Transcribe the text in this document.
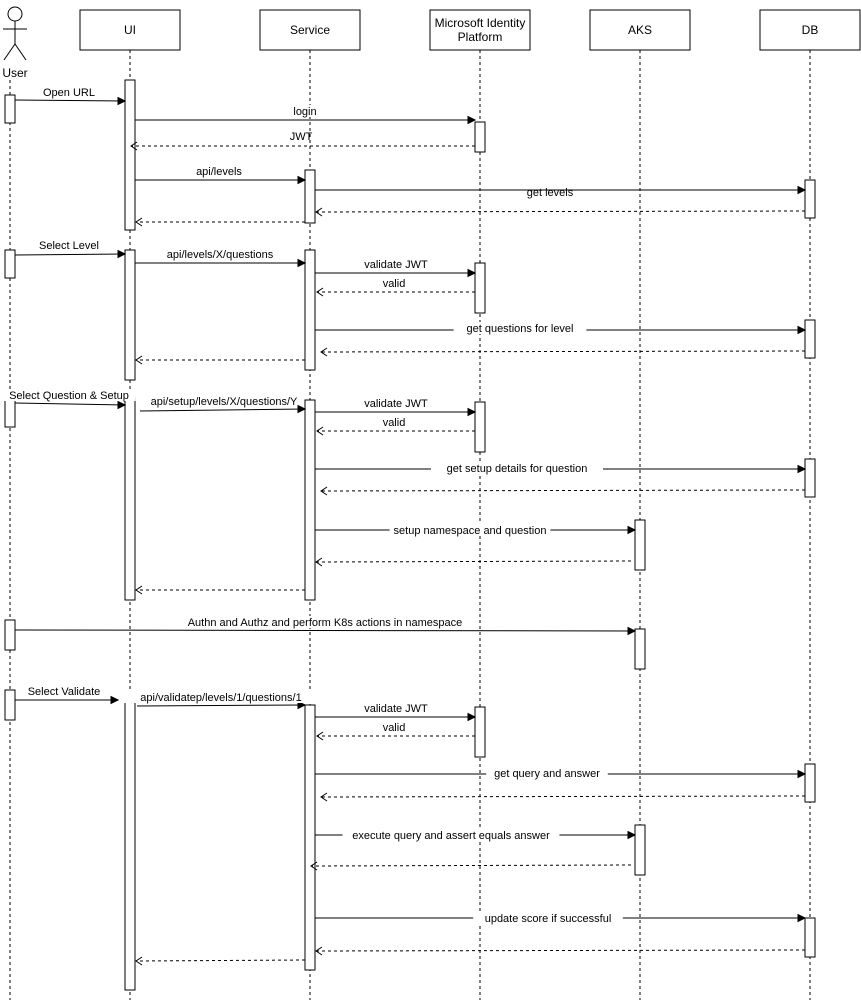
UI	Service	Microsoft Identity
Platform	AKS	DB
User
Open URL
login
JWT
api/levels
get levels
Select Level
api/levels/X/questions
validate JWT
valid
get questions for level
Select Question & Setup api/setup/levels/X/questions/Y	validate JWT
valid
get setup details for question
setup namespace and question
Authn and Authz and perform K8s actions in namespace
Select Validate	api/validatep/levels/1/questions/1
validate JWT
valid
get query and answer
execute query and assert equals answer
update score if successful
